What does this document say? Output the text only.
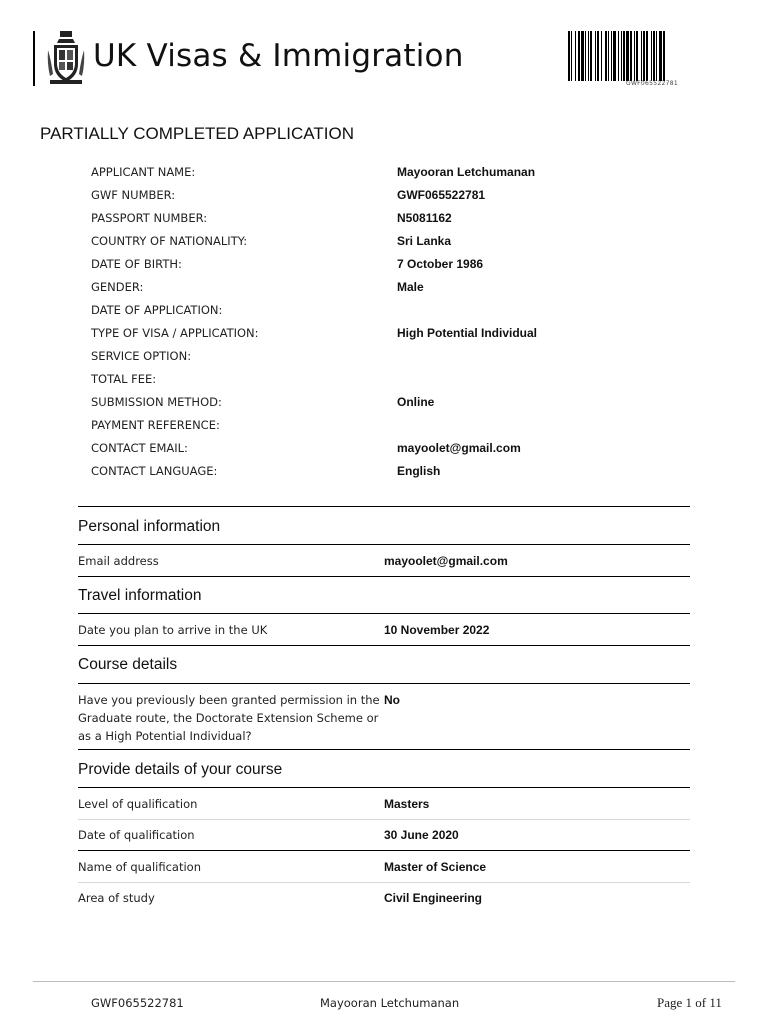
UK Visas & Immigration
GWF065522781
PARTIALLY COMPLETED APPLICATION
APPLICANT NAME:	Mayooran Letchumanan
GWF NUMBER:	GWF065522781
PASSPORT NUMBER:	N5081162
COUNTRY OF NATIONALITY:	Sri Lanka
DATE OF BIRTH:	7 October 1986
GENDER:	Male
DATE OF APPLICATION:
TYPE OF VISA / APPLICATION:	High Potential Individual
SERVICE OPTION:
TOTAL FEE:
SUBMISSION METHOD:	Online
PAYMENT REFERENCE:
CONTACT EMAIL:	mayoolet@gmail.com
CONTACT LANGUAGE:	English
Personal information
Email address	mayoolet@gmail.com
Travel information
Date you plan to arrive in the UK	10 November 2022
Course details
Have you previously been granted permission in the Graduate route, the Doctorate Extension Scheme or as a High Potential Individual?
No
Provide details of your course
Level of qualification	Masters
Date of qualification	30 June 2020
Name of qualification	Master of Science
Area of study	Civil Engineering
GWF065522781	Mayooran Letchumanan	Page 1 of 11
